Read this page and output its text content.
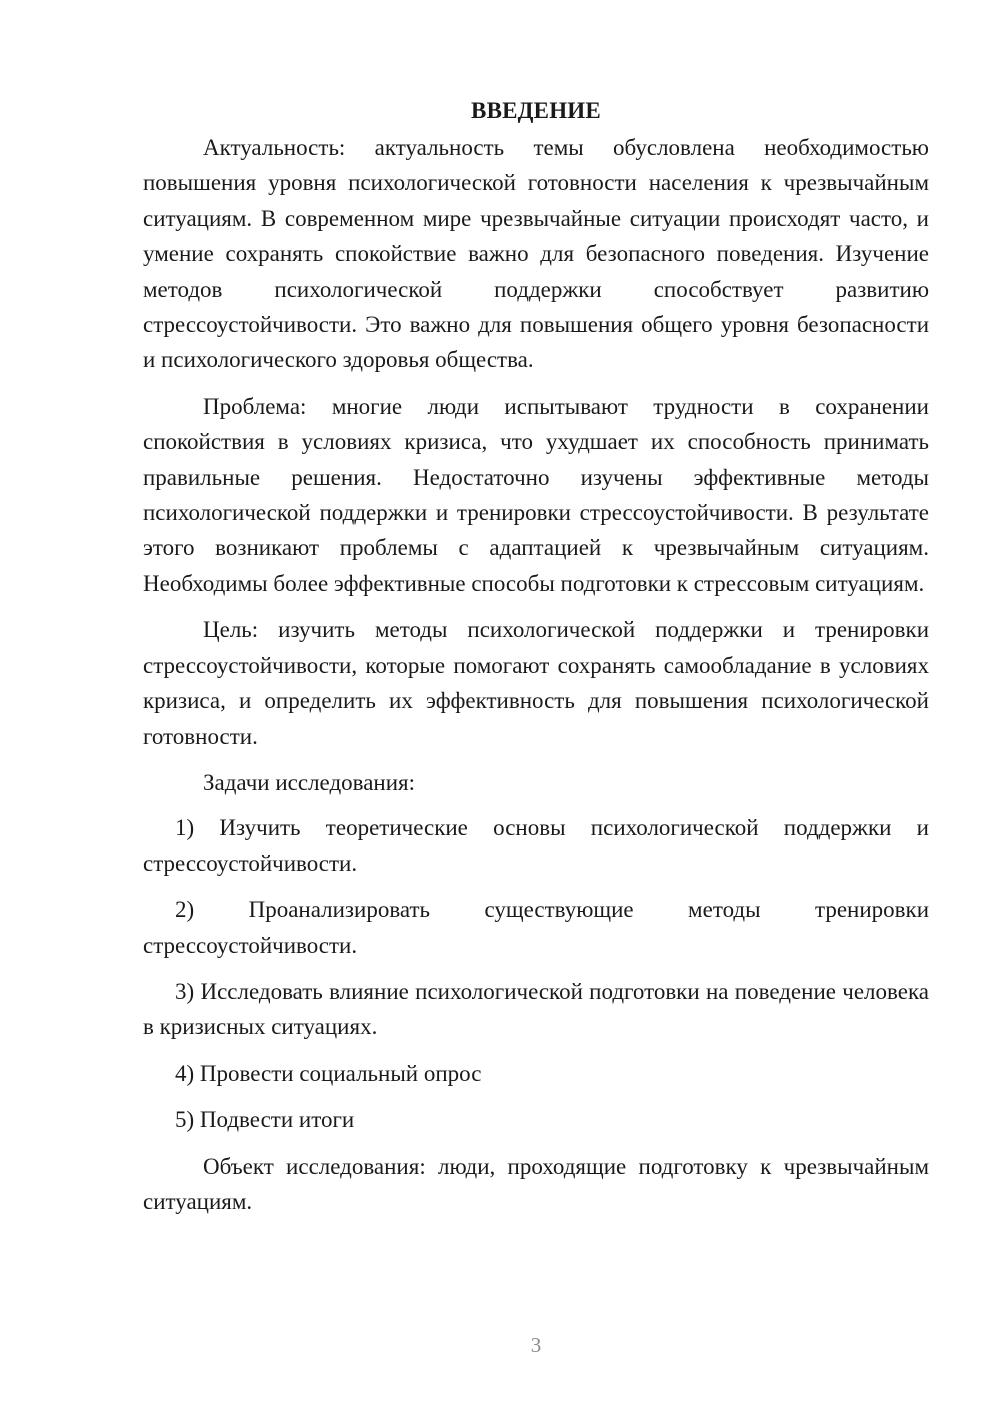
ВВЕДЕНИЕ

Актуальность: актуальность темы обусловлена необходимостью повышения уровня психологической готовности населения к чрезвычайным ситуациям. В современном мире чрезвычайные ситуации происходят часто, и умение сохранять спокойствие важно для безопасного поведения. Изучение методов психологической поддержки способствует развитию стрессоустойчивости. Это важно для повышения общего уровня безопасности и психологического здоровья общества.

Проблема: многие люди испытывают трудности в сохранении спокойствия в условиях кризиса, что ухудшает их способность принимать правильные решения. Недостаточно изучены эффективные методы психологической поддержки и тренировки стрессоустойчивости. В результате этого возникают проблемы с адаптацией к чрезвычайным ситуациям. Необходимы более эффективные способы подготовки к стрессовым ситуациям.

Цель: изучить методы психологической поддержки и тренировки стрессоустойчивости, которые помогают сохранять самообладание в условиях кризиса, и определить их эффективность для повышения психологической готовности.

Задачи исследования:

1) Изучить теоретические основы психологической поддержки и стрессоустойчивости.

2) Проанализировать существующие методы тренировки стрессоустойчивости.

3) Исследовать влияние психологической подготовки на поведение человека в кризисных ситуациях.

4) Провести социальный опрос

5) Подвести итоги

Объект исследования: люди, проходящие подготовку к чрезвычайным ситуациям.

3
